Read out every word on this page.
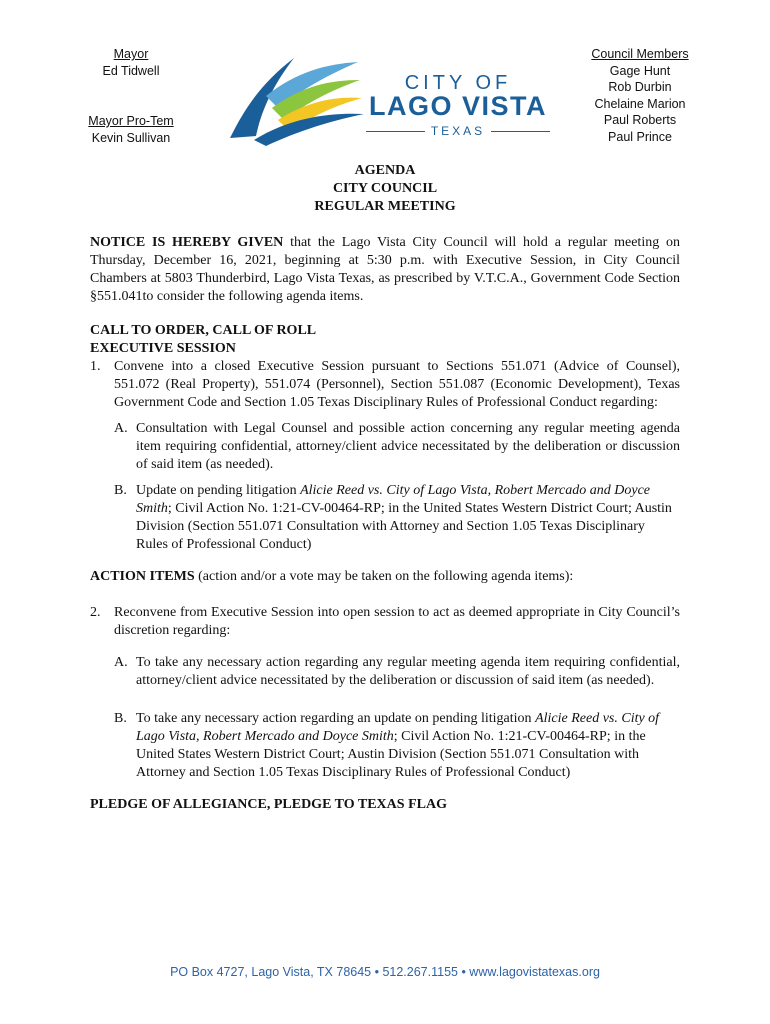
Mayor
Ed Tidwell
Mayor Pro-Tem
Kevin Sullivan
CITY OF
LAGO VISTA
TEXAS
Council Members
Gage Hunt
Rob Durbin
Chelaine Marion
Paul Roberts
Paul Prince
AGENDA
CITY COUNCIL
REGULAR MEETING

NOTICE IS HEREBY GIVEN that the Lago Vista City Council will hold a regular meeting on Thursday, December 16, 2021, beginning at 5:30 p.m. with Executive Session, in City Council Chambers at 5803 Thunderbird, Lago Vista Texas, as prescribed by V.T.C.A., Government Code Section §551.041to consider the following agenda items.

CALL TO ORDER, CALL OF ROLL

EXECUTIVE SESSION

1. Convene into a closed Executive Session pursuant to Sections 551.071 (Advice of Counsel), 551.072 (Real Property), 551.074 (Personnel), Section 551.087 (Economic Development), Texas Government Code and Section 1.05 Texas Disciplinary Rules of Professional Conduct regarding:
A. Consultation with Legal Counsel and possible action concerning any regular meeting agenda item requiring confidential, attorney/client advice necessitated by the deliberation or discussion of said item (as needed).
B. Update on pending litigation Alicie Reed vs. City of Lago Vista, Robert Mercado and Doyce Smith; Civil Action No. 1:21-CV-00464-RP; in the United States Western District Court; Austin Division (Section 551.071 Consultation with Attorney and Section 1.05 Texas Disciplinary Rules of Professional Conduct)

ACTION ITEMS (action and/or a vote may be taken on the following agenda items):

2. Reconvene from Executive Session into open session to act as deemed appropriate in City Council’s discretion regarding:
A. To take any necessary action regarding any regular meeting agenda item requiring confidential, attorney/client advice necessitated by the deliberation or discussion of said item (as needed).
B. To take any necessary action regarding an update on pending litigation Alicie Reed vs. City of Lago Vista, Robert Mercado and Doyce Smith; Civil Action No. 1:21-CV-00464-RP; in the United States Western District Court; Austin Division (Section 551.071 Consultation with Attorney and Section 1.05 Texas Disciplinary Rules of Professional Conduct)

PLEDGE OF ALLEGIANCE, PLEDGE TO TEXAS FLAG

PO Box 4727, Lago Vista, TX 78645 • 512.267.1155 • www.lagovistatexas.org
